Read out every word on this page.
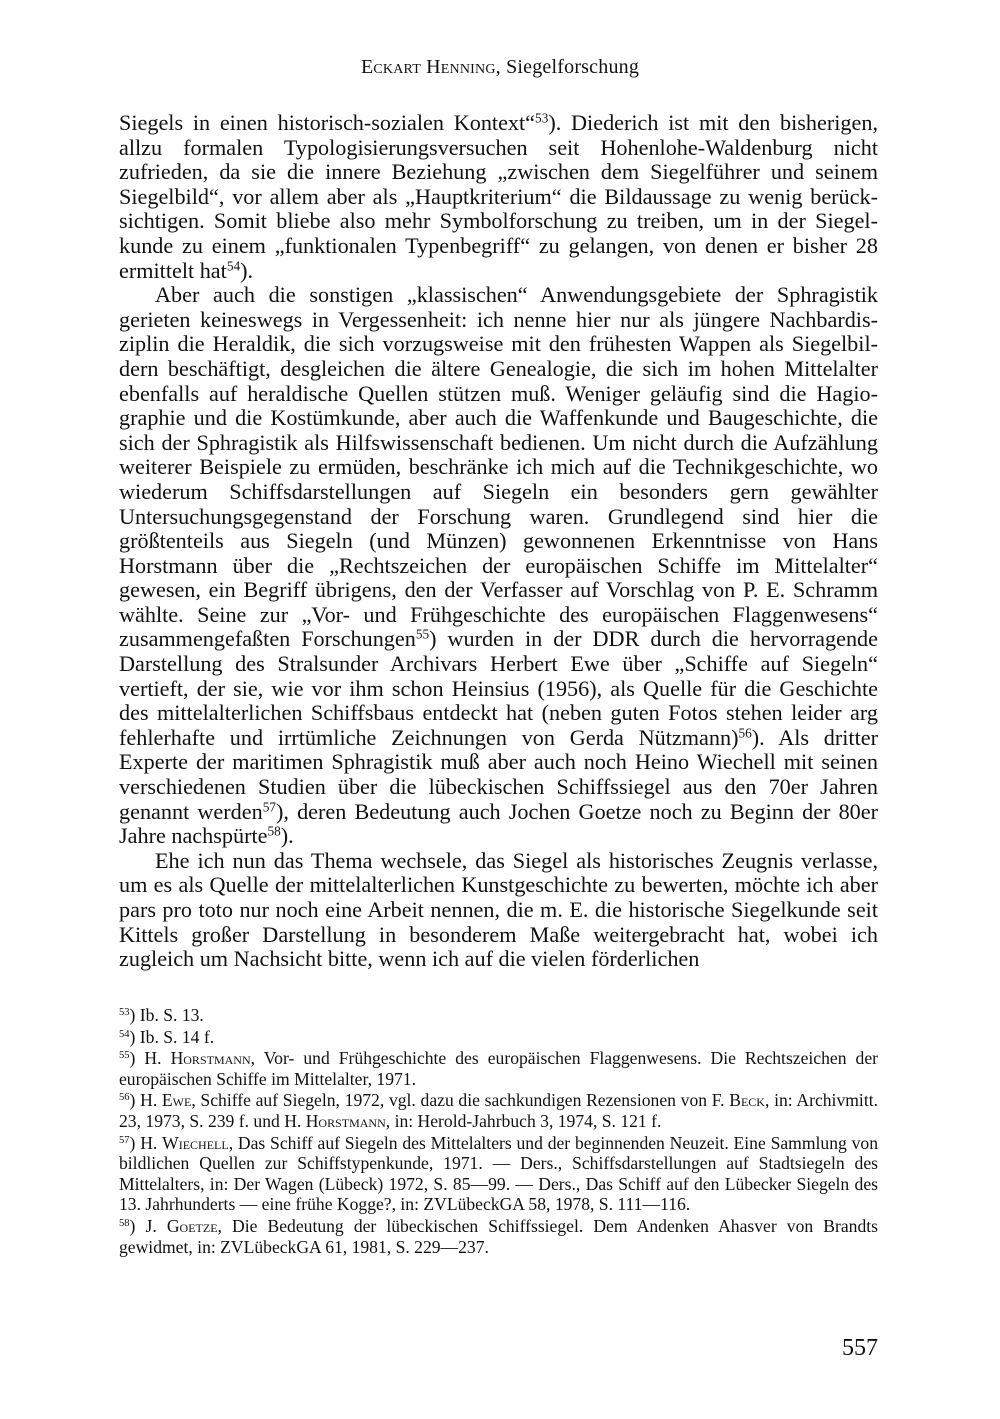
Eckart Henning, Siegelforschung

Siegels in einen historisch-sozialen Kontext“$^{53}$). Diederich ist mit den bisherigen, allzu formalen Typologisierungsversuchen seit Hohenlohe-Waldenburg nicht zufrieden, da sie die innere Beziehung „zwischen dem Siegelführer und seinem Siegelbild“, vor allem aber als „Hauptkriterium“ die Bildaussage zu wenig berücksichtigen. Somit bliebe also mehr Symbolforschung zu treiben, um in der Siegelkunde zu einem „funktionalen Typenbegriff“ zu gelangen, von denen er bisher 28 ermittelt hat$^{54}$).

Aber auch die sonstigen „klassischen“ Anwendungsgebiete der Sphragistik gerieten keineswegs in Vergessenheit: ich nenne hier nur als jüngere Nachbardisziplin die Heraldik, die sich vorzugsweise mit den frühesten Wappen als Siegelbildern beschäftigt, desgleichen die ältere Genealogie, die sich im hohen Mittelalter ebenfalls auf heraldische Quellen stützen muß. Weniger geläufig sind die Hagiographie und die Kostümkunde, aber auch die Waffenkunde und Baugeschichte, die sich der Sphragistik als Hilfswissenschaft bedienen. Um nicht durch die Aufzählung weiterer Beispiele zu ermüden, beschränke ich mich auf die Technikgeschichte, wo wiederum Schiffsdarstellungen auf Siegeln ein besonders gern gewählter Untersuchungsgegenstand der Forschung waren. Grundlegend sind hier die größtenteils aus Siegeln (und Münzen) gewonnenen Erkenntnisse von Hans Horstmann über die „Rechtszeichen der europäischen Schiffe im Mittelalter“ gewesen, ein Begriff übrigens, den der Verfasser auf Vorschlag von P. E. Schramm wählte. Seine zur „Vor- und Frühgeschichte des europäischen Flaggenwesens“ zusammengefaßten Forschungen$^{55}$) wurden in der DDR durch die hervorragende Darstellung des Stralsunder Archivars Herbert Ewe über „Schiffe auf Siegeln“ vertieft, der sie, wie vor ihm schon Heinsius (1956), als Quelle für die Geschichte des mittelalterlichen Schiffsbaus entdeckt hat (neben guten Fotos stehen leider arg fehlerhafte und irrtümliche Zeichnungen von Gerda Nützmann)$^{56}$). Als dritter Experte der maritimen Sphragistik muß aber auch noch Heino Wiechell mit seinen verschiedenen Studien über die lübeckischen Schiffssiegel aus den 70er Jahren genannt werden$^{57}$), deren Bedeutung auch Jochen Goetze noch zu Beginn der 80er Jahre nachspürte$^{58}$).

Ehe ich nun das Thema wechsele, das Siegel als historisches Zeugnis verlasse, um es als Quelle der mittelalterlichen Kunstgeschichte zu bewerten, möchte ich aber pars pro toto nur noch eine Arbeit nennen, die m. E. die historische Siegelkunde seit Kittels großer Darstellung in besonderem Maße weitergebracht hat, wobei ich zugleich um Nachsicht bitte, wenn ich auf die vielen förderlichen

$^{53}$) Ib. S. 13.

$^{54}$) Ib. S. 14 f.

$^{55}$) H. Horstmann, Vor- und Frühgeschichte des europäischen Flaggenwesens. Die Rechtszeichen der europäischen Schiffe im Mittelalter, 1971.

$^{56}$) H. Ewe, Schiffe auf Siegeln, 1972, vgl. dazu die sachkundigen Rezensionen von F. Beck, in: Archivmitt. 23, 1973, S. 239 f. und H. Horstmann, in: Herold-Jahrbuch 3, 1974, S. 121 f.

$^{57}$) H. Wiechell, Das Schiff auf Siegeln des Mittelalters und der beginnenden Neuzeit. Eine Sammlung von bildlichen Quellen zur Schiffstypenkunde, 1971. — Ders., Schiffsdarstellungen auf Stadtsiegeln des Mittelalters, in: Der Wagen (Lübeck) 1972, S. 85—99. — Ders., Das Schiff auf den Lübecker Siegeln des 13. Jahrhunderts — eine frühe Kogge?, in: ZVLübeckGA 58, 1978, S. 111—116.

$^{58}$) J. Goetze, Die Bedeutung der lübeckischen Schiffssiegel. Dem Andenken Ahasver von Brandts gewidmet, in: ZVLübeckGA 61, 1981, S. 229—237.

557
